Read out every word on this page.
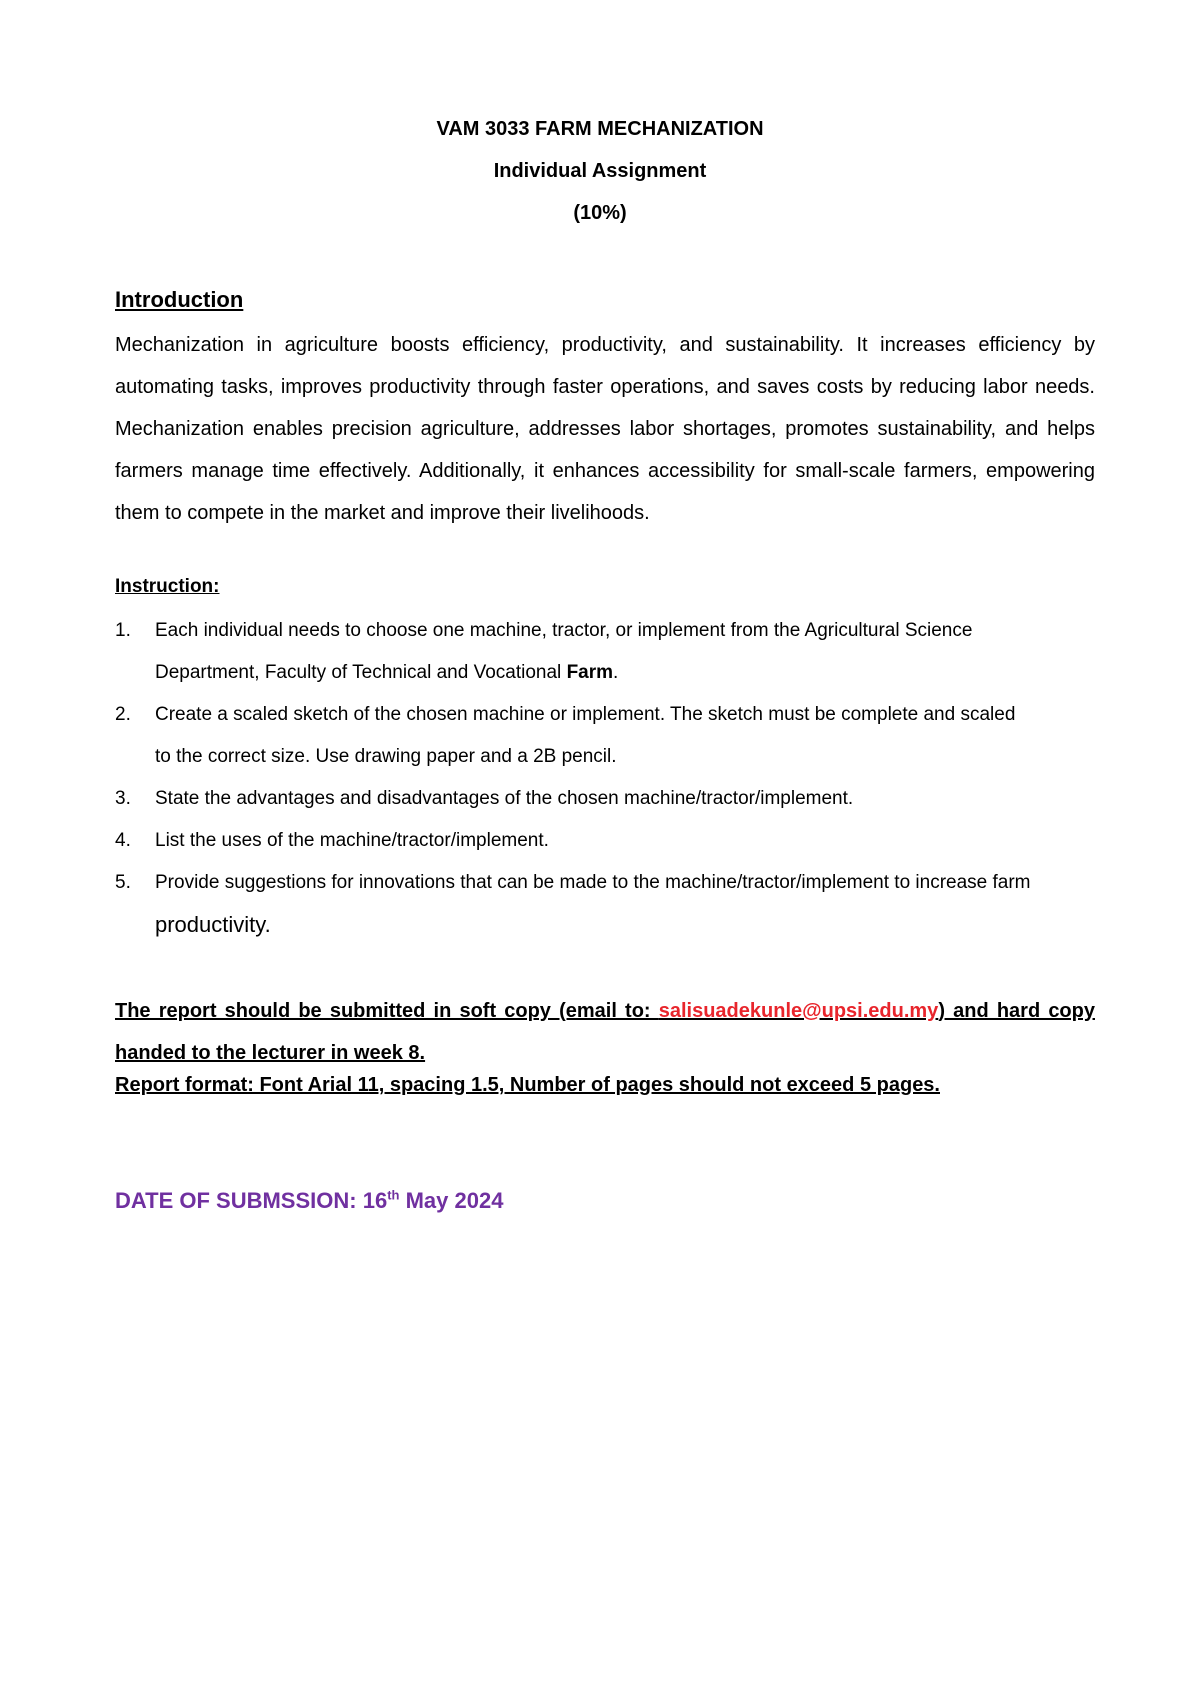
VAM 3033 FARM MECHANIZATION
Individual Assignment
(10%)
Introduction

Mechanization in agriculture boosts efficiency, productivity, and sustainability. It increases efficiency by automating tasks, improves productivity through faster operations, and saves costs by reducing labor needs. Mechanization enables precision agriculture, addresses labor shortages, promotes sustainability, and helps farmers manage time effectively. Additionally, it enhances accessibility for small-scale farmers, empowering them to compete in the market and improve their livelihoods.

Instruction:
1. Each individual needs to choose one machine, tractor, or implement from the Agricultural Science Department, Faculty of Technical and Vocational Farm.
2. Create a scaled sketch of the chosen machine or implement. The sketch must be complete and scaled to the correct size. Use drawing paper and a 2B pencil.
3. State the advantages and disadvantages of the chosen machine/tractor/implement.
4. List the uses of the machine/tractor/implement.
5. Provide suggestions for innovations that can be made to the machine/tractor/implement to increase farm productivity.
The report should be submitted in soft copy (email to: salisuadekunle@upsi.edu.my) and hard copy handed to the lecturer in week 8.
Report format: Font Arial 11, spacing 1.5, Number of pages should not exceed 5 pages.
DATE OF SUBMSSION: 16th May 2024
